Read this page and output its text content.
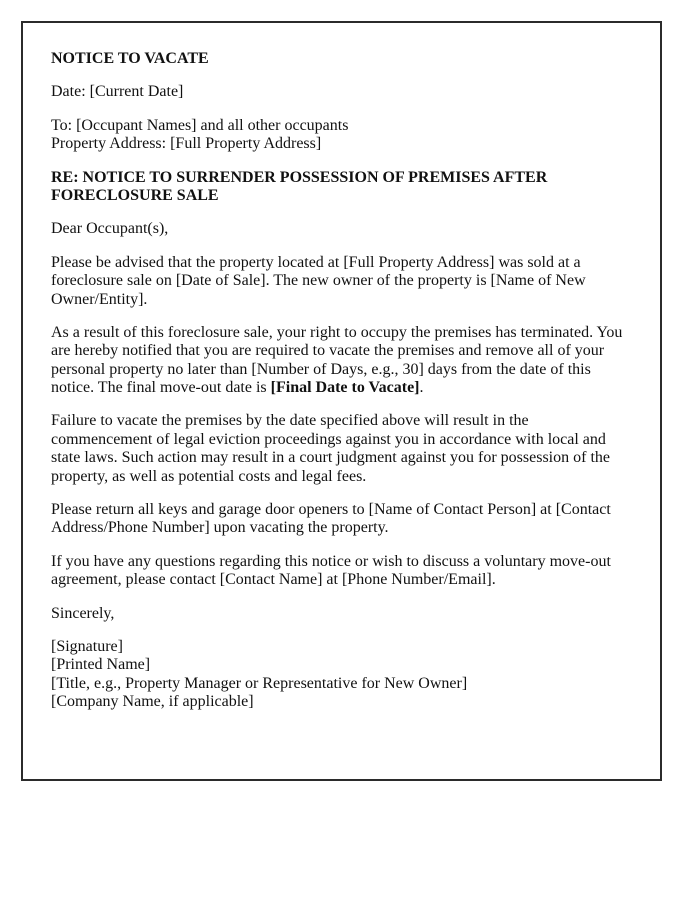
NOTICE TO VACATE

Date: [Current Date]

To: [Occupant Names] and all other occupants
Property Address: [Full Property Address]

RE: NOTICE TO SURRENDER POSSESSION OF PREMISES AFTER FORECLOSURE SALE

Dear Occupant(s),

Please be advised that the property located at [Full Property Address] was sold at a foreclosure sale on [Date of Sale]. The new owner of the property is [Name of New Owner/Entity].

As a result of this foreclosure sale, your right to occupy the premises has terminated. You are hereby notified that you are required to vacate the premises and remove all of your personal property no later than [Number of Days, e.g., 30] days from the date of this notice. The final move-out date is [Final Date to Vacate].

Failure to vacate the premises by the date specified above will result in the commencement of legal eviction proceedings against you in accordance with local and state laws. Such action may result in a court judgment against you for possession of the property, as well as potential costs and legal fees.

Please return all keys and garage door openers to [Name of Contact Person] at [Contact Address/Phone Number] upon vacating the property.

If you have any questions regarding this notice or wish to discuss a voluntary move-out agreement, please contact [Contact Name] at [Phone Number/Email].

Sincerely,

[Signature]
[Printed Name]
[Title, e.g., Property Manager or Representative for New Owner]
[Company Name, if applicable]
